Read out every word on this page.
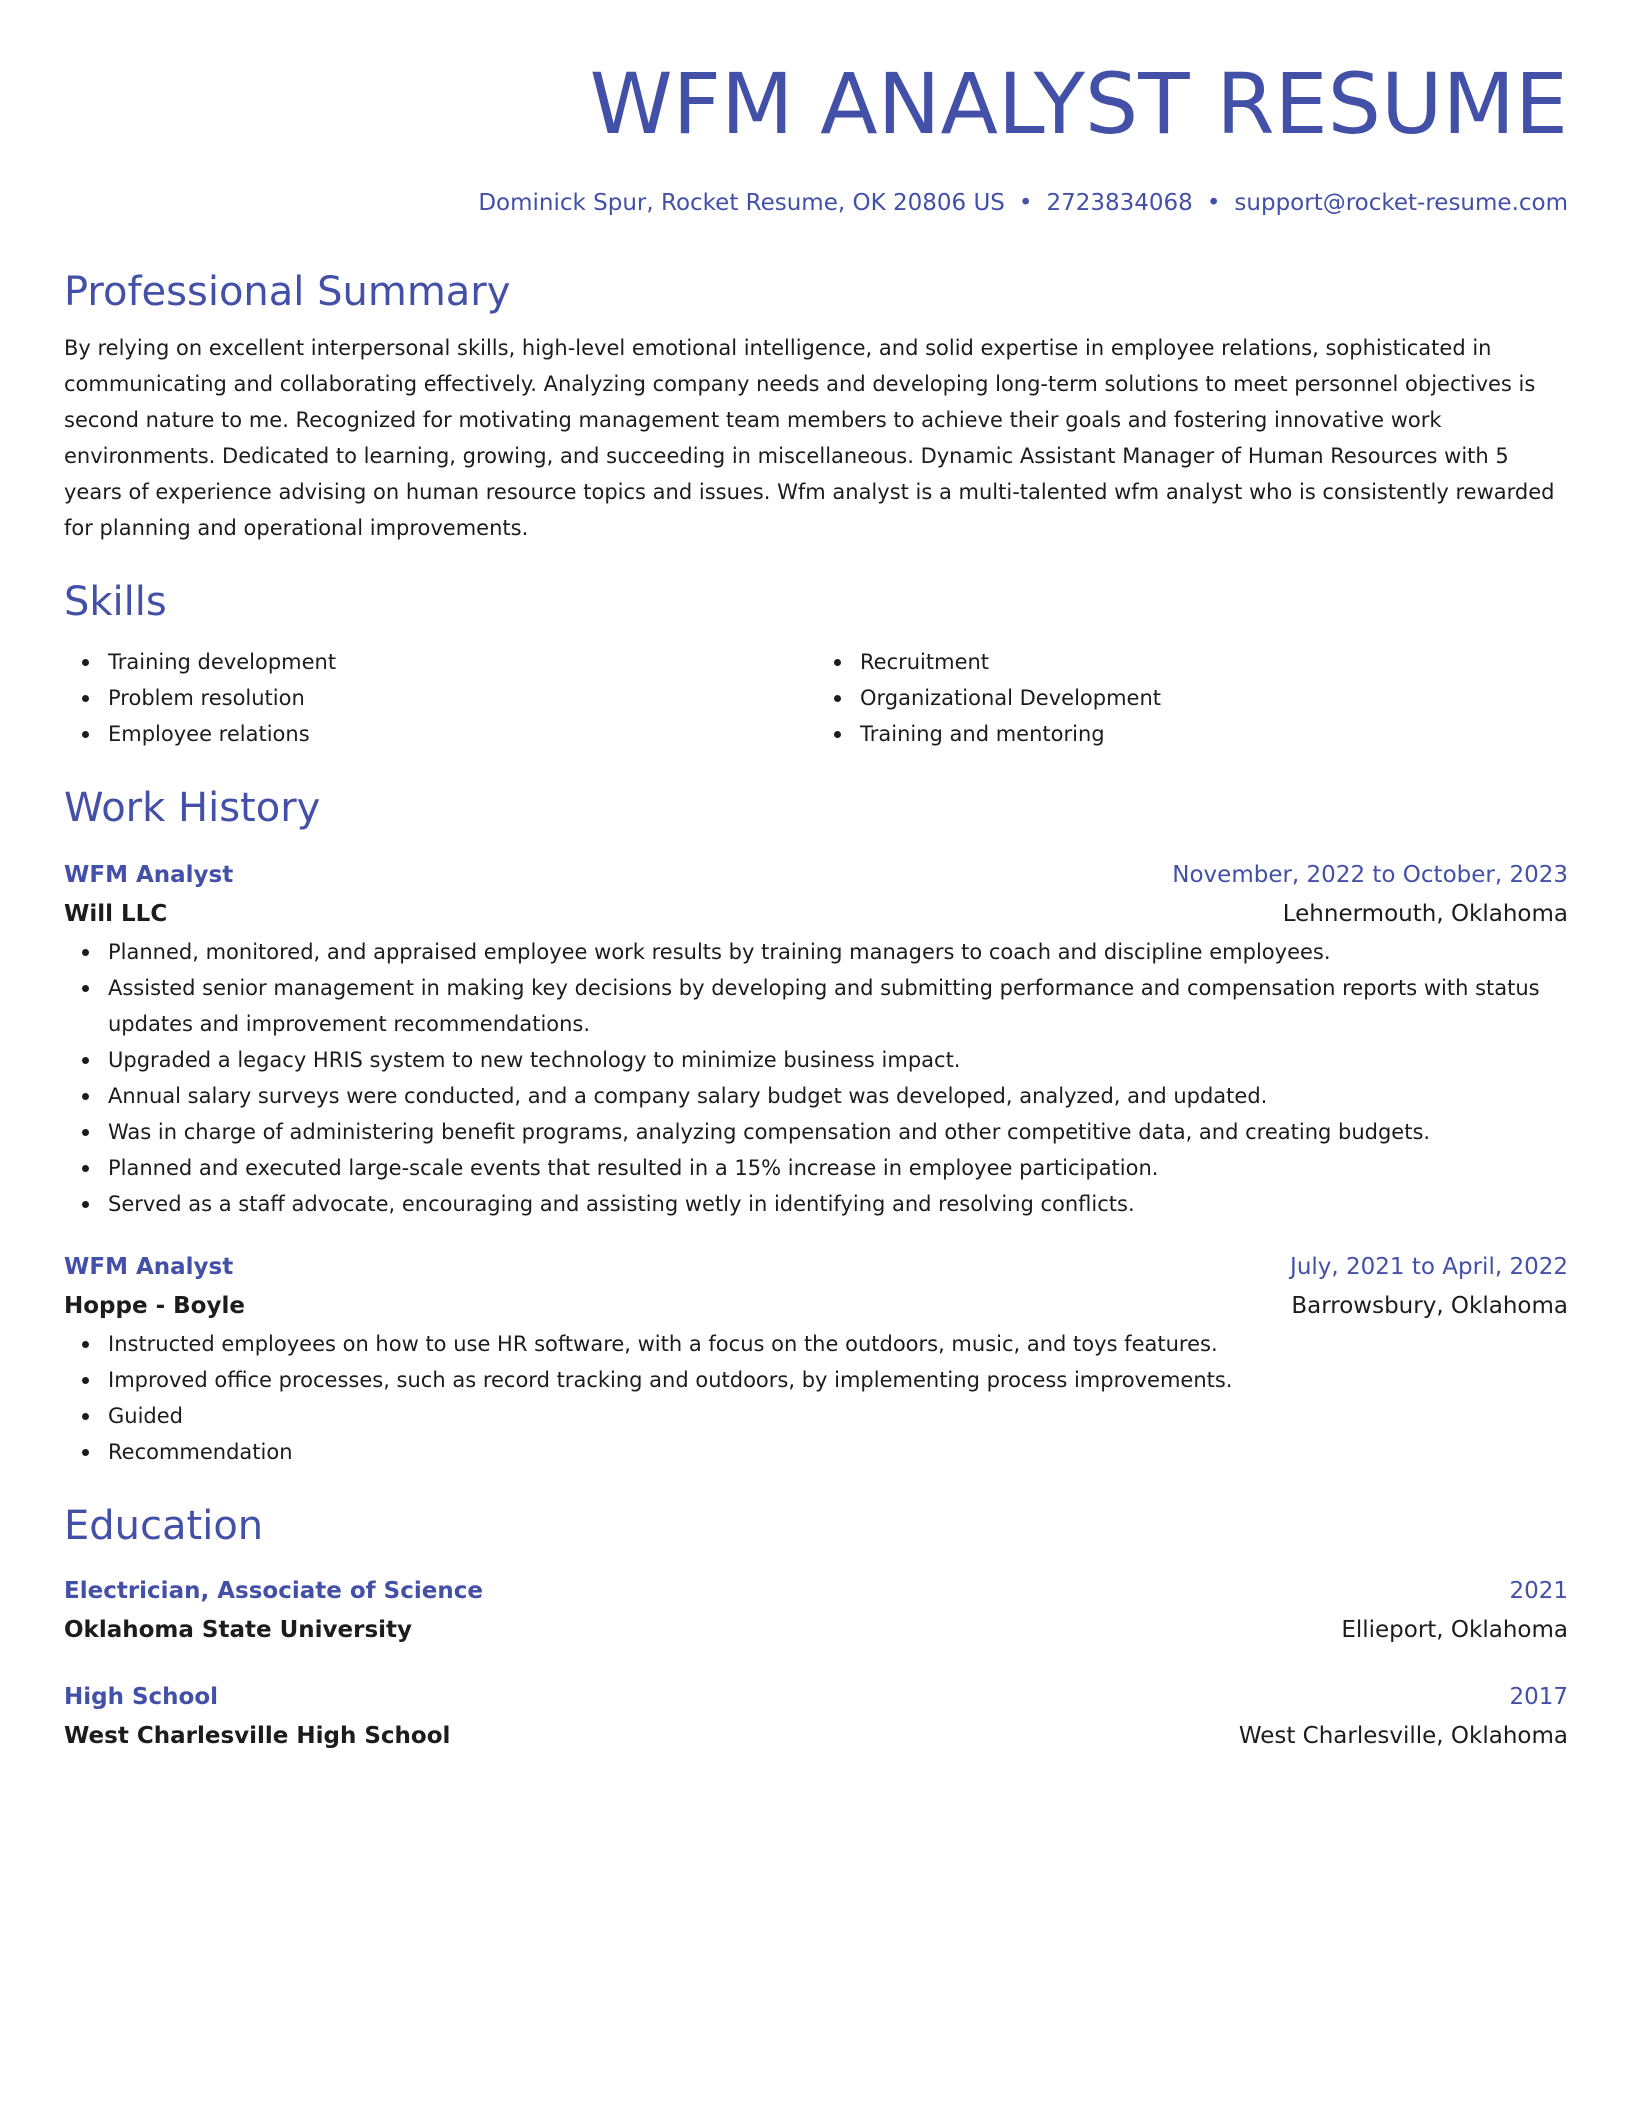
WFM ANALYST RESUME
Dominick Spur, Rocket Resume, OK 20806 US • 2723834068 • support@rocket-resume.com
Professional Summary
By relying on excellent interpersonal skills, high-level emotional intelligence, and solid expertise in employee relations, sophisticated in communicating and collaborating effectively. Analyzing company needs and developing long-term solutions to meet personnel objectives is second nature to me. Recognized for motivating management team members to achieve their goals and fostering innovative work environments. Dedicated to learning, growing, and succeeding in miscellaneous. Dynamic Assistant Manager of Human Resources with 5 years of experience advising on human resource topics and issues. Wfm analyst is a multi-talented wfm analyst who is consistently rewarded for planning and operational improvements.
Skills
Training development
Problem resolution
Employee relations
Recruitment
Organizational Development
Training and mentoring
Work History
WFM Analyst	November, 2022 to October, 2023
Will LLC	Lehnermouth, Oklahoma
Planned, monitored, and appraised employee work results by training managers to coach and discipline employees.
Assisted senior management in making key decisions by developing and submitting performance and compensation reports with status updates and improvement recommendations.
Upgraded a legacy HRIS system to new technology to minimize business impact.
Annual salary surveys were conducted, and a company salary budget was developed, analyzed, and updated.
Was in charge of administering benefit programs, analyzing compensation and other competitive data, and creating budgets.
Planned and executed large-scale events that resulted in a 15% increase in employee participation.
Served as a staff advocate, encouraging and assisting wetly in identifying and resolving conflicts.
WFM Analyst	July, 2021 to April, 2022
Hoppe - Boyle	Barrowsbury, Oklahoma
Instructed employees on how to use HR software, with a focus on the outdoors, music, and toys features.
Improved office processes, such as record tracking and outdoors, by implementing process improvements.
Guided
Recommendation
Education
Electrician, Associate of Science	2021
Oklahoma State University	Ellieport, Oklahoma
High School	2017
West Charlesville High School	West Charlesville, Oklahoma
